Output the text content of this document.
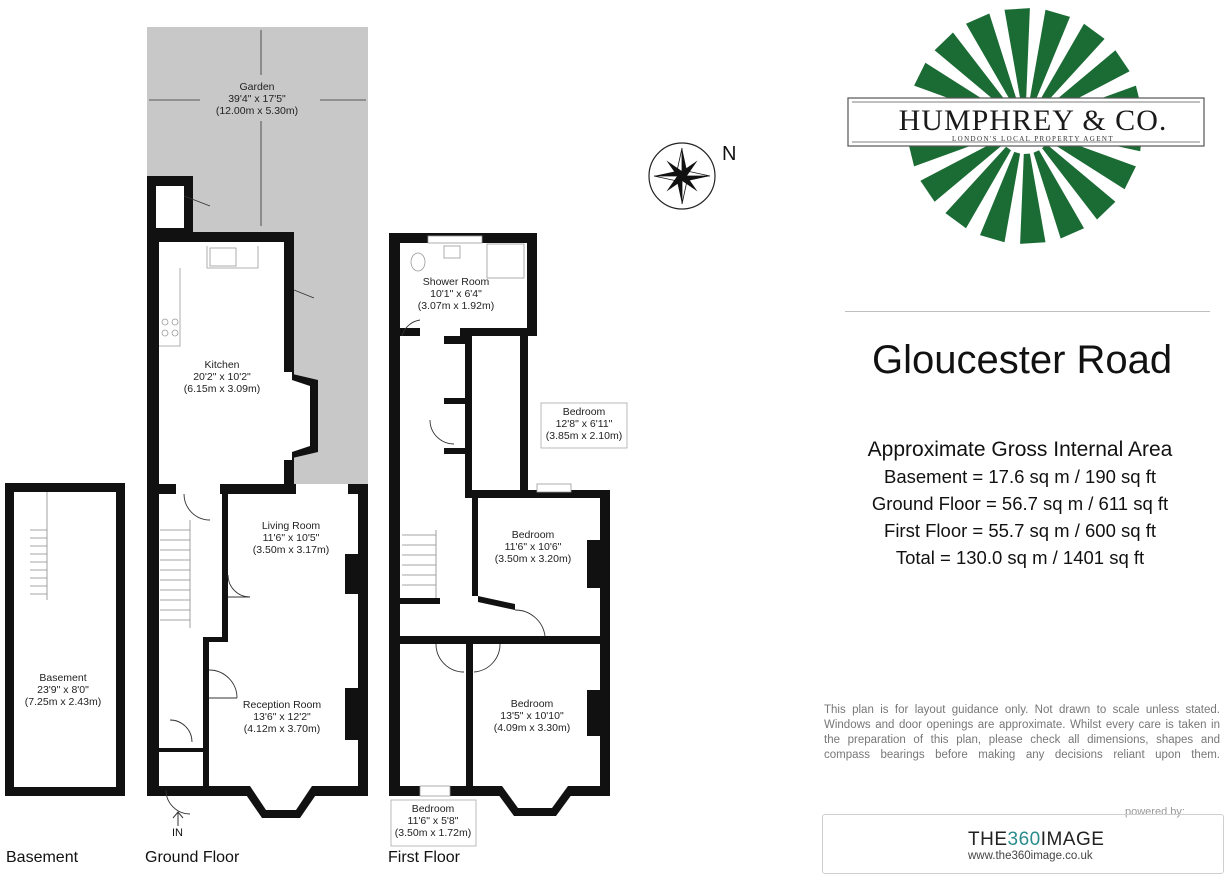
Garden
39'4" x 17'5"
(12.00m x 5.30m)
Kitchen
20'2" x 10'2"
(6.15m x 3.09m)
Living Room
11'6" x 10'5"
(3.50m x 3.17m)
Reception Room
13'6" x 12'2"
(4.12m x 3.70m)
Basement
23'9" x 8'0"
(7.25m x 2.43m)
Shower Room
10'1" x 6'4"
(3.07m x 1.92m)
Bedroom
12'8" x 6'11"
(3.85m x 2.10m)
Bedroom
11'6" x 10'6"
(3.50m x 3.20m)
Bedroom
13'5" x 10'10"
(4.09m x 3.30m)
Bedroom
11'6" x 5'8"
(3.50m x 1.72m)
N
IN
HUMPHREY & CO.
LONDON'S LOCAL PROPERTY AGENT
Gloucester Road
Approximate Gross Internal Area
Basement = 17.6 sq m / 190 sq ft
Ground Floor = 56.7 sq m / 611 sq ft
First Floor = 55.7 sq m / 600 sq ft
Total = 130.0 sq m / 1401 sq ft
This plan is for layout guidance only. Not drawn to scale unless stated. Windows and door openings are approximate. Whilst every care is taken in the preparation of this plan, please check all dimensions, shapes and compass bearings before making any decisions reliant upon them.
powered by:
THE360IMAGE
www.the360image.co.uk
Basement	Ground Floor	First Floor
